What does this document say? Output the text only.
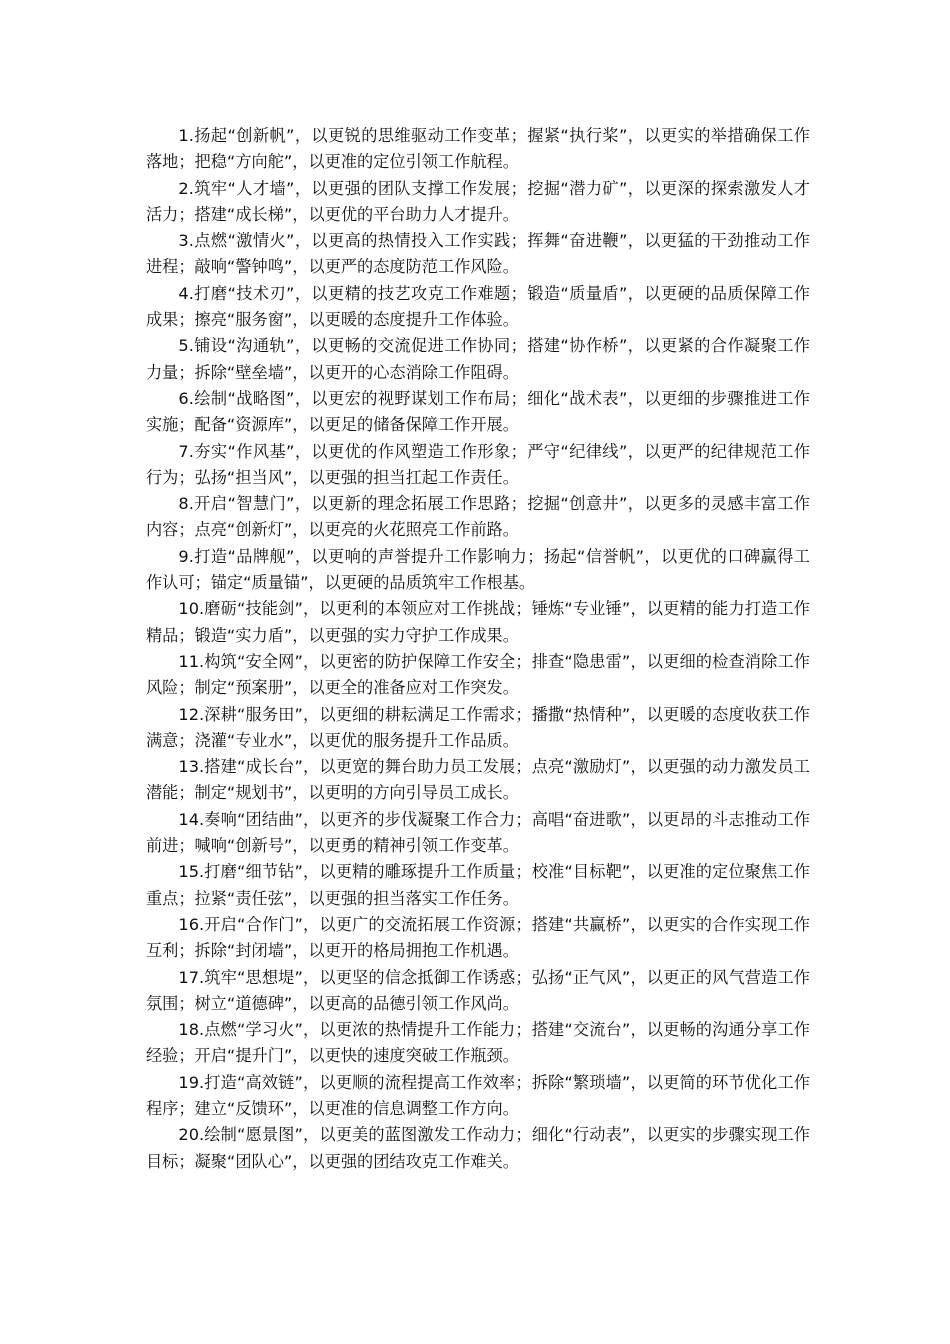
1.扬起“创新帆”，以更锐的思维驱动工作变革；握紧“执行桨”，以更实的举措确保工作落地；把稳“方向舵”，以更准的定位引领工作航程。

2.筑牢“人才墙”，以更强的团队支撑工作发展；挖掘“潜力矿”，以更深的探索激发人才活力；搭建“成长梯”，以更优的平台助力人才提升。

3.点燃“激情火”，以更高的热情投入工作实践；挥舞“奋进鞭”，以更猛的干劲推动工作进程；敲响“警钟鸣”，以更严的态度防范工作风险。

4.打磨“技术刃”，以更精的技艺攻克工作难题；锻造“质量盾”，以更硬的品质保障工作成果；擦亮“服务窗”，以更暖的态度提升工作体验。

5.铺设“沟通轨”，以更畅的交流促进工作协同；搭建“协作桥”，以更紧的合作凝聚工作力量；拆除“壁垒墙”，以更开的心态消除工作阻碍。

6.绘制“战略图”，以更宏的视野谋划工作布局；细化“战术表”，以更细的步骤推进工作实施；配备“资源库”，以更足的储备保障工作开展。

7.夯实“作风基”，以更优的作风塑造工作形象；严守“纪律线”，以更严的纪律规范工作行为；弘扬“担当风”，以更强的担当扛起工作责任。

8.开启“智慧门”，以更新的理念拓展工作思路；挖掘“创意井”，以更多的灵感丰富工作内容；点亮“创新灯”，以更亮的火花照亮工作前路。

9.打造“品牌舰”，以更响的声誉提升工作影响力；扬起“信誉帆”，以更优的口碑赢得工作认可；锚定“质量锚”，以更硬的品质筑牢工作根基。

10.磨砺“技能剑”，以更利的本领应对工作挑战；锤炼“专业锤”，以更精的能力打造工作精品；锻造“实力盾”，以更强的实力守护工作成果。

11.构筑“安全网”，以更密的防护保障工作安全；排查“隐患雷”，以更细的检查消除工作风险；制定“预案册”，以更全的准备应对工作突发。

12.深耕“服务田”，以更细的耕耘满足工作需求；播撒“热情种”，以更暖的态度收获工作满意；浇灌“专业水”，以更优的服务提升工作品质。

13.搭建“成长台”，以更宽的舞台助力员工发展；点亮“激励灯”，以更强的动力激发员工潜能；制定“规划书”，以更明的方向引导员工成长。

14.奏响“团结曲”，以更齐的步伐凝聚工作合力；高唱“奋进歌”，以更昂的斗志推动工作前进；喊响“创新号”，以更勇的精神引领工作变革。

15.打磨“细节钻”，以更精的雕琢提升工作质量；校准“目标靶”，以更准的定位聚焦工作重点；拉紧“责任弦”，以更强的担当落实工作任务。

16.开启“合作门”，以更广的交流拓展工作资源；搭建“共赢桥”，以更实的合作实现工作互利；拆除“封闭墙”，以更开的格局拥抱工作机遇。

17.筑牢“思想堤”，以更坚的信念抵御工作诱惑；弘扬“正气风”，以更正的风气营造工作氛围；树立“道德碑”，以更高的品德引领工作风尚。

18.点燃“学习火”，以更浓的热情提升工作能力；搭建“交流台”，以更畅的沟通分享工作经验；开启“提升门”，以更快的速度突破工作瓶颈。

19.打造“高效链”，以更顺的流程提高工作效率；拆除“繁琐墙”，以更简的环节优化工作程序；建立“反馈环”，以更准的信息调整工作方向。

20.绘制“愿景图”，以更美的蓝图激发工作动力；细化“行动表”，以更实的步骤实现工作目标；凝聚“团队心”，以更强的团结攻克工作难关。
